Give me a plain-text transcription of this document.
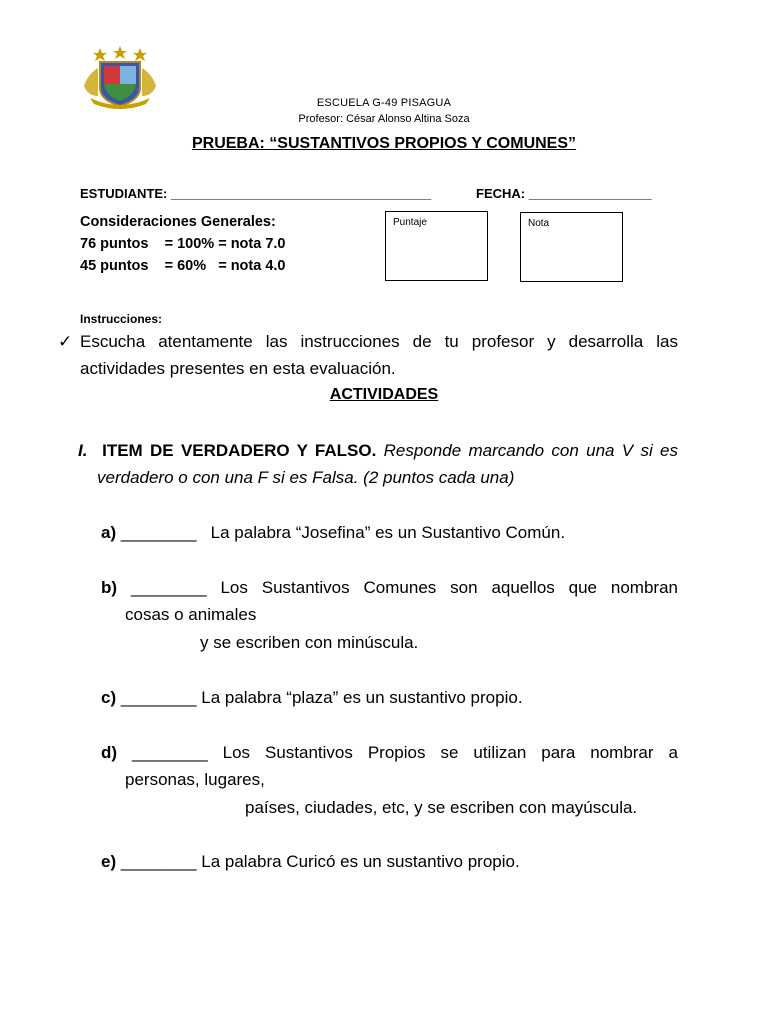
ESCUELA G-49 PISAGUA
Profesor: César Alonso Altina Soza
PRUEBA: “SUSTANTIVOS PROPIOS Y COMUNES”
ESTUDIANTE: ____________________________________	FECHA: _________________
Consideraciones Generales:
76 puntos    = 100% = nota 7.0
45 puntos    = 60%   = nota 4.0
Puntaje	Nota
Instrucciones:
✓ Escucha atentamente las instrucciones de tu profesor y desarrolla las
actividades presentes en esta evaluación.
ACTIVIDADES
I. ITEM DE VERDADERO Y FALSO. Responde marcando con una V si es
verdadero o con una F si es Falsa. (2 puntos cada una)
a) ________ La palabra “Josefina” es un Sustantivo Común.
b) ________ Los Sustantivos Comunes son aquellos que nombran
cosas o animales
y se escriben con minúscula.
c) ________ La palabra “plaza” es un sustantivo propio.
d) ________ Los Sustantivos Propios se utilizan para nombrar a
personas, lugares,
países, ciudades, etc, y se escriben con mayúscula.
e) ________ La palabra Curicó es un sustantivo propio.
